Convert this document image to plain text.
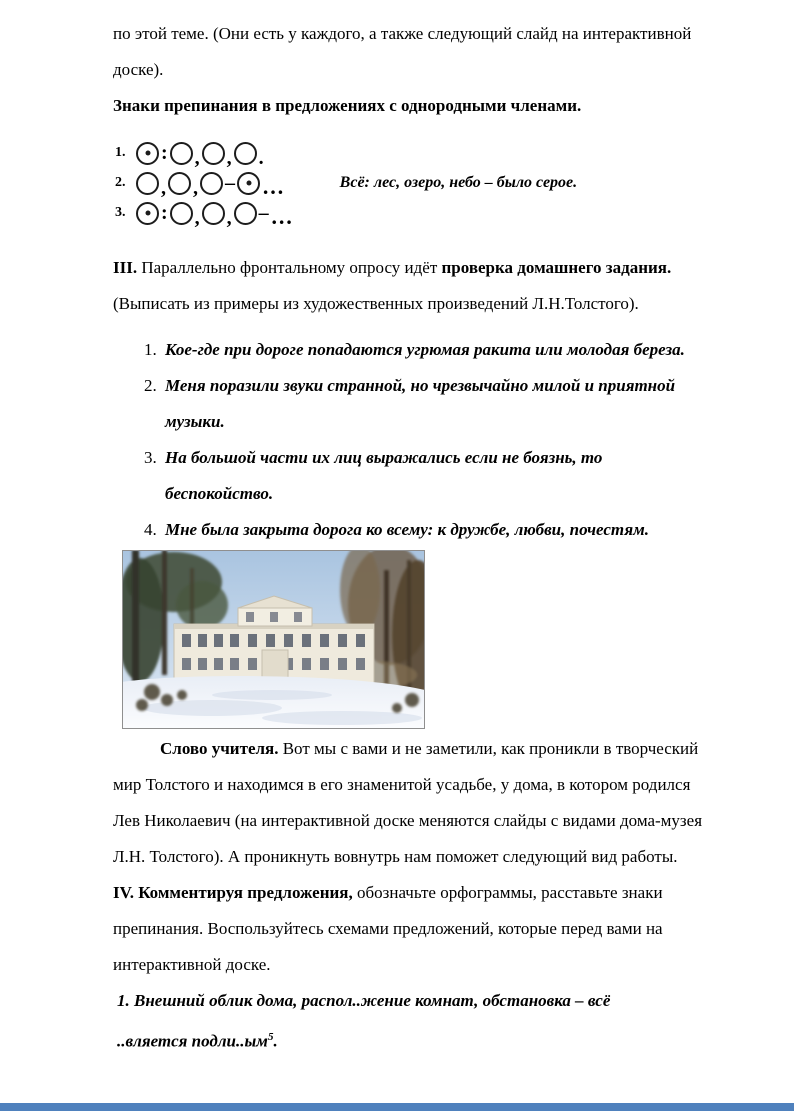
по этой теме. (Они есть у каждого, а также следующий слайд на интерактивной доске).

Знаки препинания в предложениях с однородными членами.

1.	: , , .
2.	, , – …
3.	: , , – …
Всё: лес, озеро, небо – было серое.

III. Параллельно фронтальному опросу идёт проверка домашнего задания.

(Выписать из примеры из художественных произведений Л.Н.Толстого).

1. Кое-где при дороге попадаются угрюмая ракита или молодая береза.
2. Меня поразили звуки странной, но чрезвычайно милой и приятной музыки.
3. На большой части их лиц выражались если не боязнь, то беспокойство.
4. Мне была закрыта дорога ко всему: к дружбе, любви, почестям.

Слово учителя. Вот мы с вами и не заметили, как проникли в творческий мир Толстого и находимся в его знаменитой усадьбе, у дома, в котором родился Лев Николаевич (на интерактивной доске меняются слайды с видами дома-музея Л.Н. Толстого). А проникнуть вовнутрь нам поможет следующий вид работы.

IV. Комментируя предложения, обозначьте орфограммы, расставьте знаки препинания. Воспользуйтесь схемами предложений, которые перед вами на интерактивной доске.

1. Внешний облик дома, распол..жение комнат, обстановка – всё ..вляется $подли..ым^5$.
